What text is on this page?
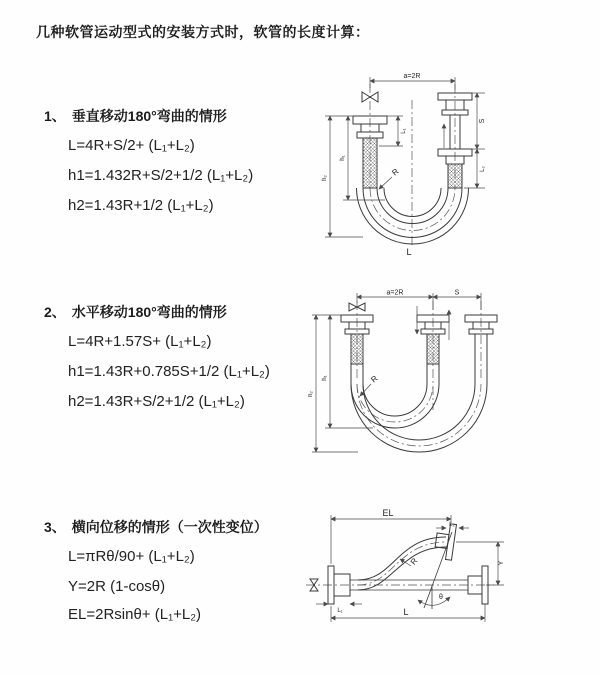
几种软管运动型式的安装方式时，软管的长度计算：
1、 垂直移动180°弯曲的情形
L=4R+S/2+ (L₁+L₂)
h1=1.432R+S/2+1/2 (L₁+L₂)
h2=1.43R+1/2 (L₁+L₂)
2、 水平移动180°弯曲的情形
L=4R+1.57S+ (L₁+L₂)
h1=1.43R+0.785S+1/2 (L₁+L₂)
h2=1.43R+S/2+1/2 (L₁+L₂)
3、 横向位移的情形（一次性变位）
L=πRθ/90+ (L₁+L₂)
Y=2R (1-cosθ)
EL=2Rsinθ+ (L₁+L₂)
a=2R
S
L₂
L₁
h₁
h₂
R
L
a=2R	S
h₁
h₂
R
EL
L₂
Y
L
L₁
R
θ
